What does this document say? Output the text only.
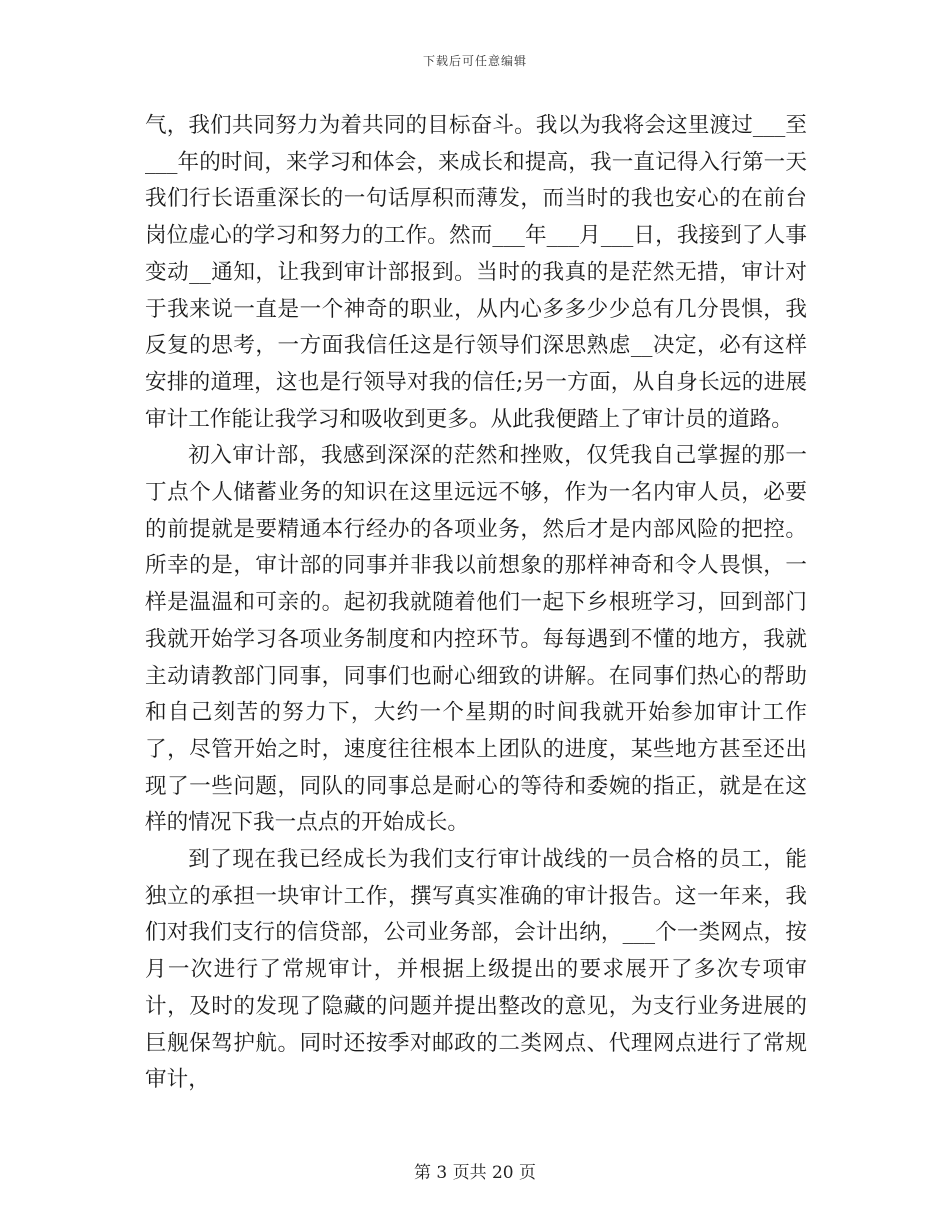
下载后可任意编辑

气，我们共同努力为着共同的目标奋斗。我以为我将会这里渡过___至___年的时间，来学习和体会，来成长和提高，我一直记得入行第一天我们行长语重深长的一句话厚积而薄发，而当时的我也安心的在前台岗位虚心的学习和努力的工作。然而___年___月___日，我接到了人事变动__通知，让我到审计部报到。当时的我真的是茫然无措，审计对于我来说一直是一个神奇的职业，从内心多多少少总有几分畏惧，我反复的思考，一方面我信任这是行领导们深思熟虑__决定，必有这样安排的道理，这也是行领导对我的信任;另一方面，从自身长远的进展审计工作能让我学习和吸收到更多。从此我便踏上了审计员的道路。

初入审计部，我感到深深的茫然和挫败，仅凭我自己掌握的那一丁点个人储蓄业务的知识在这里远远不够，作为一名内审人员，必要的前提就是要精通本行经办的各项业务，然后才是内部风险的把控。所幸的是，审计部的同事并非我以前想象的那样神奇和令人畏惧，一样是温温和可亲的。起初我就随着他们一起下乡根班学习，回到部门我就开始学习各项业务制度和内控环节。每每遇到不懂的地方，我就主动请教部门同事，同事们也耐心细致的讲解。在同事们热心的帮助和自己刻苦的努力下，大约一个星期的时间我就开始参加审计工作了，尽管开始之时，速度往往根本上团队的进度，某些地方甚至还出现了一些问题，同队的同事总是耐心的等待和委婉的指正，就是在这样的情况下我一点点的开始成长。

到了现在我已经成长为我们支行审计战线的一员合格的员工，能独立的承担一块审计工作，撰写真实准确的审计报告。这一年来，我们对我们支行的信贷部，公司业务部，会计出纳，___个一类网点，按月一次进行了常规审计，并根据上级提出的要求展开了多次专项审计，及时的发现了隐藏的问题并提出整改的意见，为支行业务进展的巨舰保驾护航。同时还按季对邮政的二类网点、代理网点进行了常规审计，

第 3 页共 20 页
